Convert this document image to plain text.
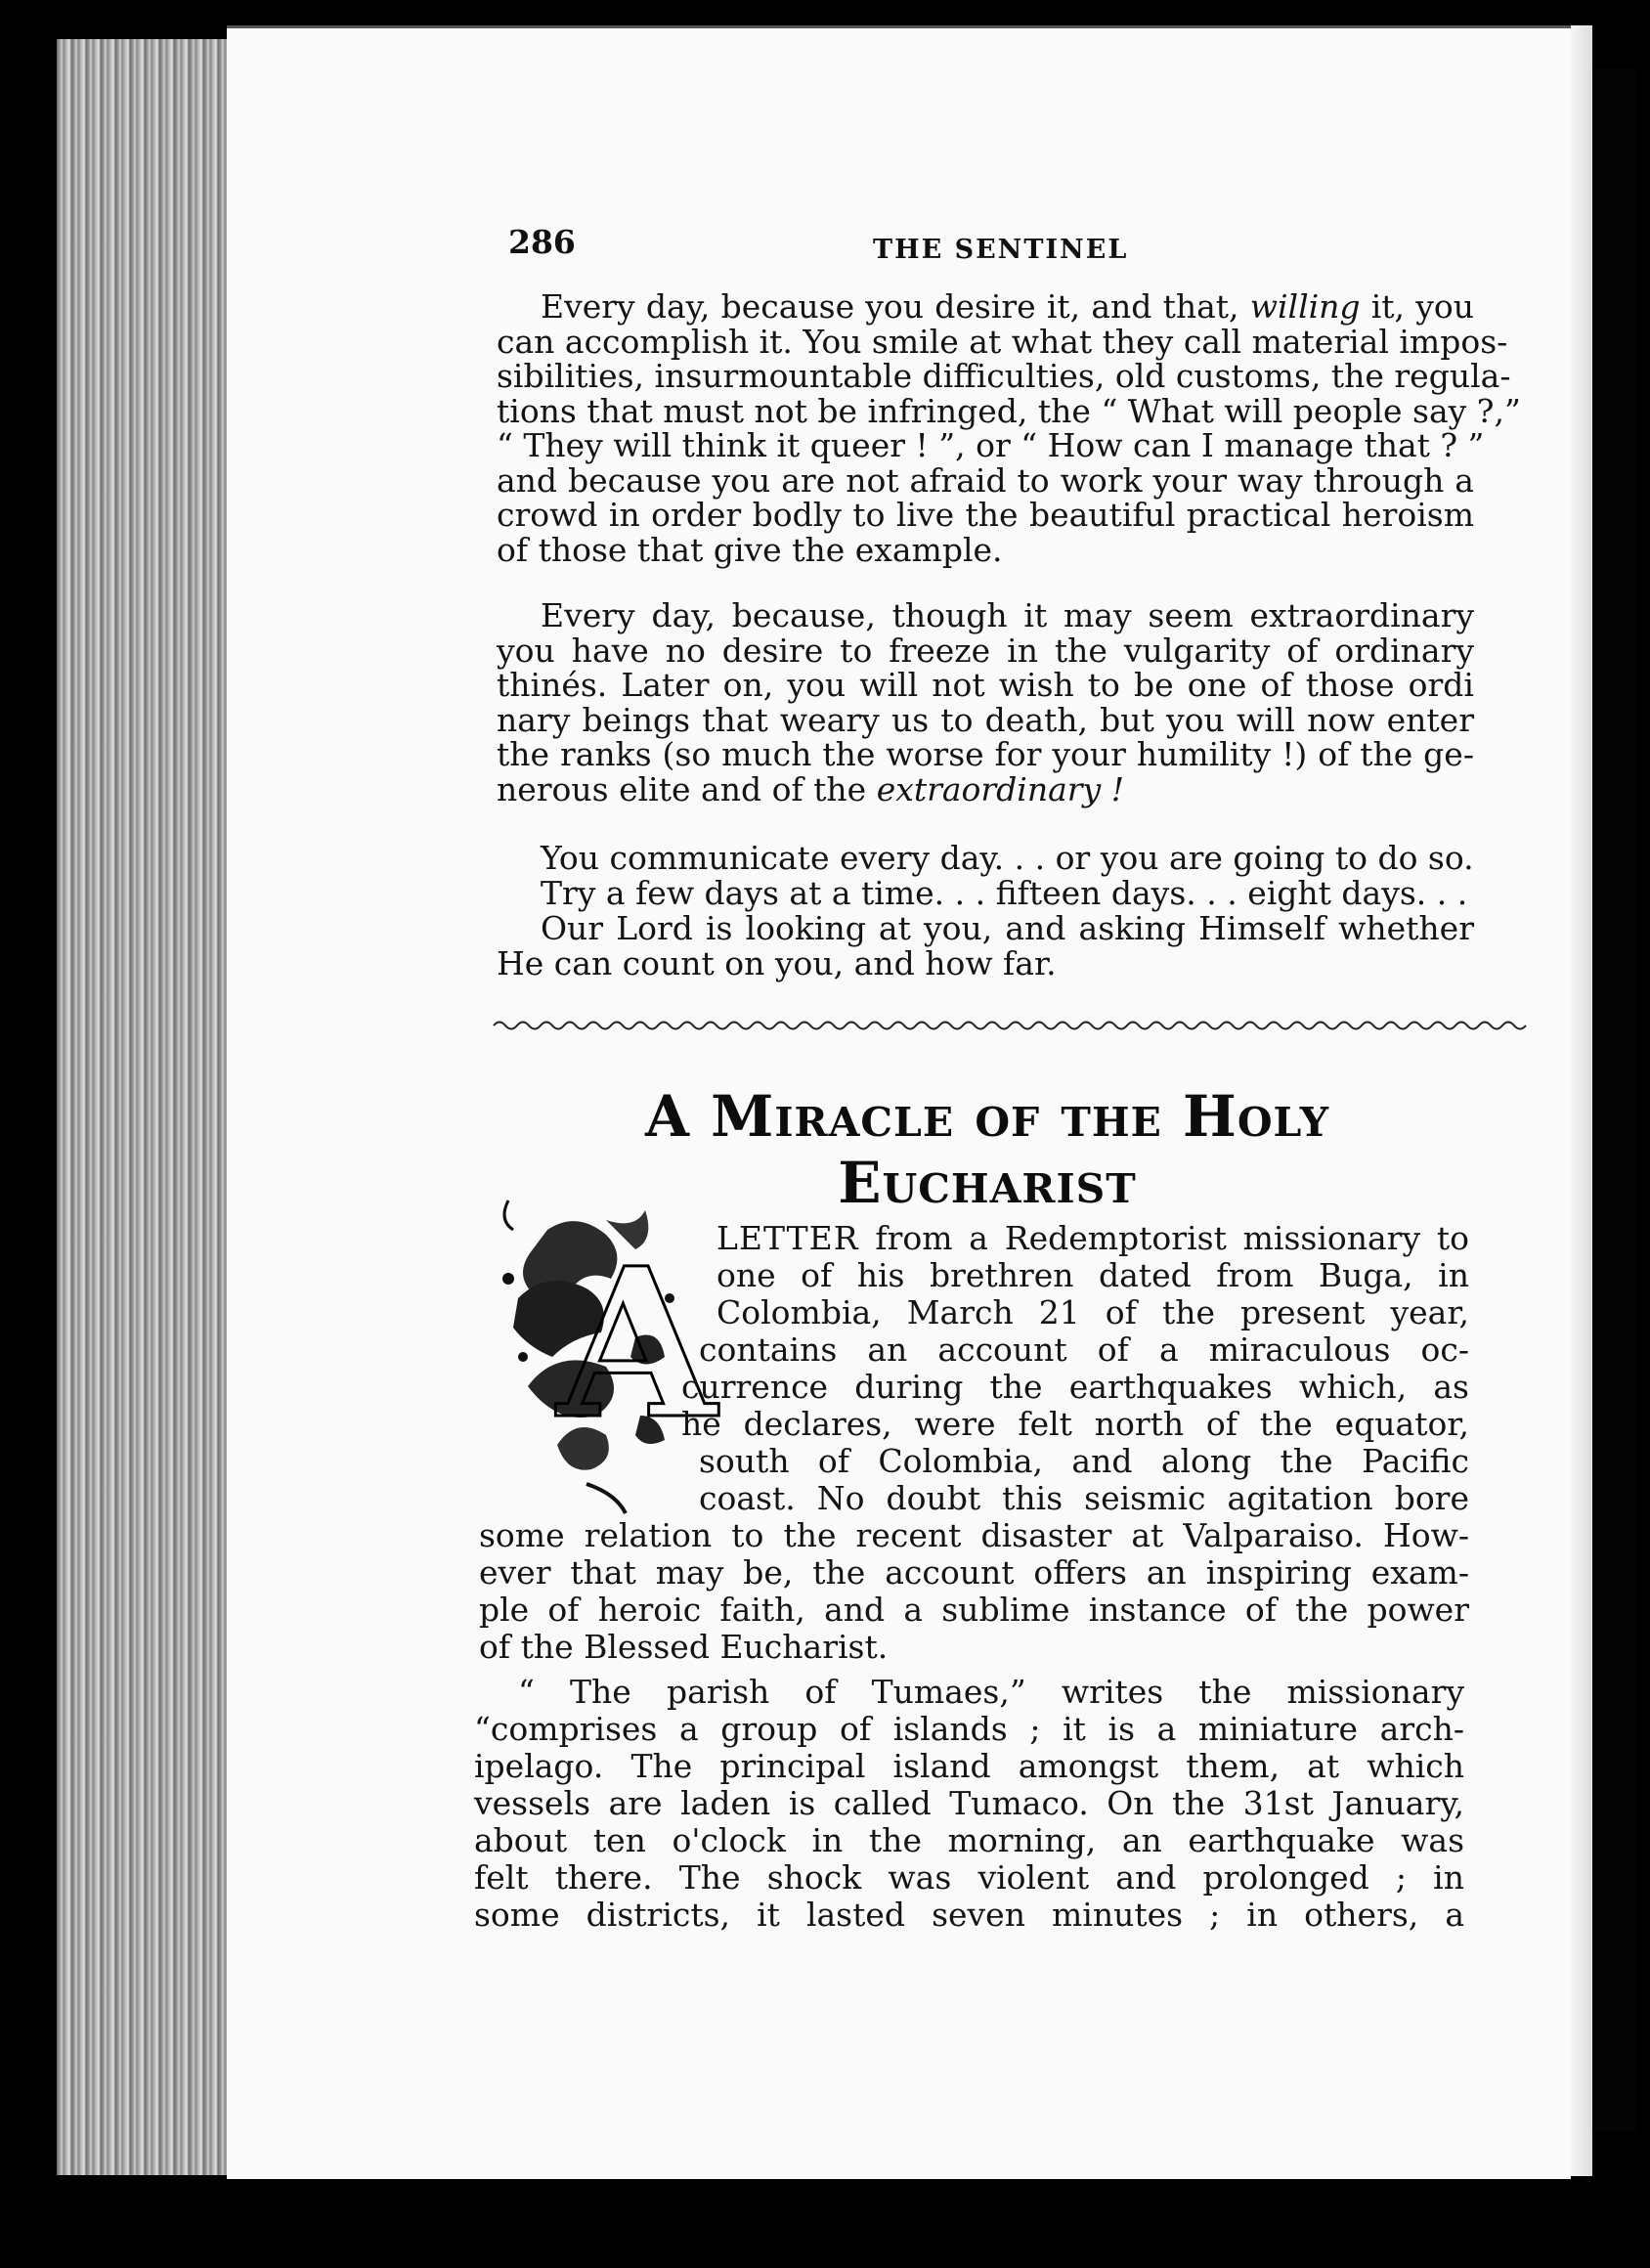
286	THE SENTINEL
Every day, because you desire it, and that, willing it, you
can accomplish it. You smile at what they call material impos-
sibilities, insurmountable difficulties, old customs, the regula-
tions that must not be infringed, the “ What will people say ?,”
“ They will think it queer ! ”, or “ How can I manage that ? ”
and because you are not afraid to work your way through a
crowd in order bodly to live the beautiful practical heroism
of those that give the example.
Every day, because, though it may seem extraordinary
you have no desire to freeze in the vulgarity of ordinary
thinés. Later on, you will not wish to be one of those ordi
nary beings that weary us to death, but you will now enter
the ranks (so much the worse for your humility !) of the ge-
nerous elite and of the extraordinary !
You communicate every day. . . or you are going to do so.
Try a few days at a time. . . fifteen days. . . eight days. . .
Our Lord is looking at you, and asking Himself whether
He can count on you, and how far.
A Miracle of the Holy Eucharist
A LETTER from a Redemptorist missionary to
one of his brethren dated from Buga, in
Colombia, March 21 of the present year,
contains an account of a miraculous oc-
currence during the earthquakes which, as
he declares, were felt north of the equator,
south of Colombia, and along the Pacific
coast. No doubt this seismic agitation bore
some relation to the recent disaster at Valparaiso. How-
ever that may be, the account offers an inspiring exam-
ple of heroic faith, and a sublime instance of the power
of the Blessed Eucharist.
“ The parish of Tumaes,” writes the missionary
“comprises a group of islands ; it is a miniature arch-
ipelago. The principal island amongst them, at which
vessels are laden is called Tumaco. On the 31st January,
about ten o'clock in the morning, an earthquake was
felt there. The shock was violent and prolonged ; in
some districts, it lasted seven minutes ; in others, a
